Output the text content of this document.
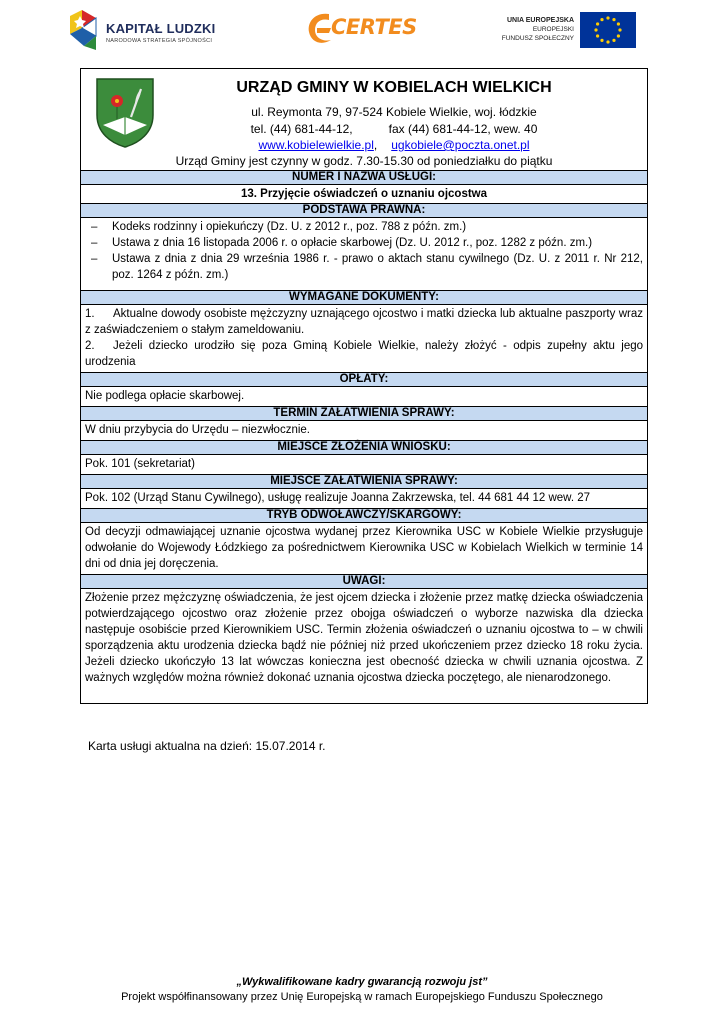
KAPITAŁ LUDZKI
NARODOWA STRATEGIA SPÓJNOŚCI
CERTES	UNIA EUROPEJSKA
EUROPEJSKI
FUNDUSZ SPOŁECZNY
URZĄD GMINY W KOBIELACH WIELKICH
ul. Reymonta 79, 97-524 Kobiele Wielkie, woj. łódzkie
tel. (44) 681-44-12,	fax (44) 681-44-12, wew. 40
www.kobielewielkie.pl, ugkobiele@poczta.onet.pl
Urząd Gminy jest czynny w godz. 7.30-15.30 od poniedziałku do piątku
NUMER I NAZWA USŁUGI:
13. Przyjęcie oświadczeń o uznaniu ojcostwa
PODSTAWA PRAWNA:
– Kodeks rodzinny i opiekuńczy (Dz. U. z 2012 r., poz. 788 z późn. zm.)
– Ustawa z dnia 16 listopada 2006 r. o opłacie skarbowej (Dz. U. 2012 r., poz. 1282 z późn. zm.)
– Ustawa z dnia z dnia 29 września 1986 r. - prawo o aktach stanu cywilnego (Dz. U. z 2011 r. Nr 212, poz. 1264 z późn. zm.)
WYMAGANE DOKUMENTY:
1. Aktualne dowody osobiste mężczyzny uznającego ojcostwo i matki dziecka lub aktualne paszporty wraz z zaświadczeniem o stałym zameldowaniu.
2. Jeżeli dziecko urodziło się poza Gminą Kobiele Wielkie, należy złożyć - odpis zupełny aktu jego urodzenia
OPŁATY:
Nie podlega opłacie skarbowej.
TERMIN ZAŁATWIENIA SPRAWY:
W dniu przybycia do Urzędu – niezwłocznie.
MIEJSCE ZŁOŻENIA WNIOSKU:
Pok. 101 (sekretariat)
MIEJSCE ZAŁATWIENIA SPRAWY:
Pok. 102 (Urząd Stanu Cywilnego), usługę realizuje Joanna Zakrzewska, tel. 44 681 44 12 wew. 27
TRYB ODWOŁAWCZY/SKARGOWY:
Od decyzji odmawiającej uznanie ojcostwa wydanej przez Kierownika USC w Kobiele Wielkie przysługuje odwołanie do Wojewody Łódzkiego za pośrednictwem Kierownika USC w Kobielach Wielkich w terminie 14 dni od dnia jej doręczenia.
UWAGI:
Złożenie przez mężczyznę oświadczenia, że jest ojcem dziecka i złożenie przez matkę dziecka oświadczenia potwierdzającego ojcostwo oraz złożenie przez obojga oświadczeń o wyborze nazwiska dla dziecka następuje osobiście przed Kierownikiem USC. Termin złożenia oświadczeń o uznaniu ojcostwa to – w chwili sporządzenia aktu urodzenia dziecka bądź nie później niż przed ukończeniem przez dziecko 18 roku życia. Jeżeli dziecko ukończyło 13 lat wówczas konieczna jest obecność dziecka w chwili uznania ojcostwa. Z ważnych względów można również dokonać uznania ojcostwa dziecka poczętego, ale nienarodzonego.
Karta usługi aktualna na dzień: 15.07.2014 r.
„Wykwalifikowane kadry gwarancją rozwoju jst”
Projekt współfinansowany przez Unię Europejską w ramach Europejskiego Funduszu Społecznego
